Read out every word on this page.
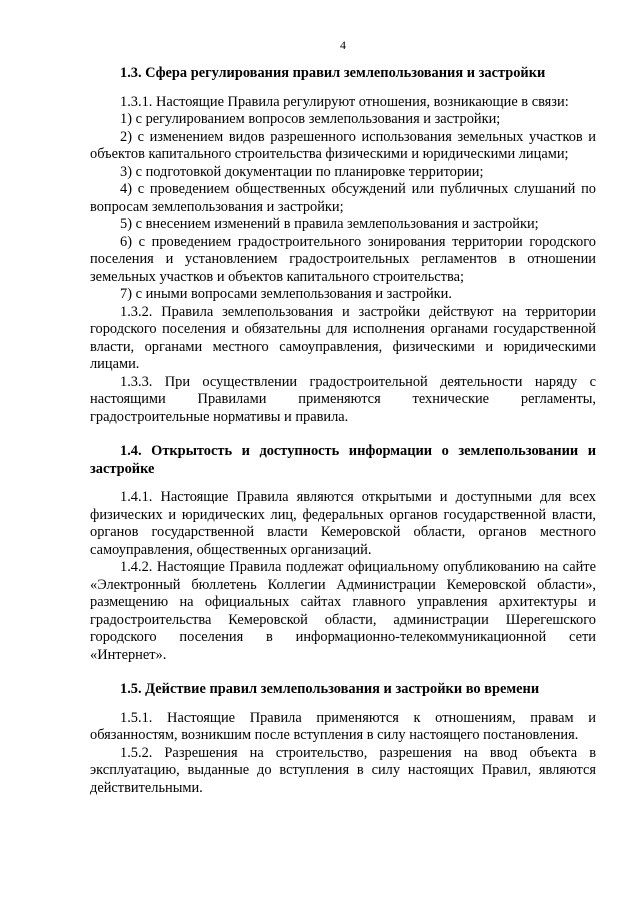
4

1.3. Сфера регулирования правил землепользования и застройки

1.3.1. Настоящие Правила регулируют отношения, возникающие в связи:

1) с регулированием вопросов землепользования и застройки;

2) с изменением видов разрешенного использования земельных участков и объектов капитального строительства физическими и юридическими лицами;

3) с подготовкой документации по планировке территории;

4) с проведением общественных обсуждений или публичных слушаний по вопросам землепользования и застройки;

5) с внесением изменений в правила землепользования и застройки;

6) с проведением градостроительного зонирования территории городского поселения и установлением градостроительных регламентов в отношении земельных участков и объектов капитального строительства;

7) с иными вопросами землепользования и застройки.

1.3.2. Правила землепользования и застройки действуют на территории городского поселения и обязательны для исполнения органами государственной власти, органами местного самоуправления, физическими и юридическими лицами.

1.3.3. При осуществлении градостроительной деятельности наряду с настоящими Правилами применяются технические регламенты, градостроительные нормативы и правила.

1.4. Открытость и доступность информации о землепользовании и застройке

1.4.1. Настоящие Правила являются открытыми и доступными для всех физических и юридических лиц, федеральных органов государственной власти, органов государственной власти Кемеровской области, органов местного самоуправления, общественных организаций.

1.4.2. Настоящие Правила подлежат официальному опубликованию на сайте «Электронный бюллетень Коллегии Администрации Кемеровской области», размещению на официальных сайтах главного управления архитектуры и градостроительства Кемеровской области, администрации Шерегешского городского поселения в информационно-телекоммуникационной сети «Интернет».

1.5. Действие правил землепользования и застройки во времени

1.5.1. Настоящие Правила применяются к отношениям, правам и обязанностям, возникшим после вступления в силу настоящего постановления.

1.5.2. Разрешения на строительство, разрешения на ввод объекта в эксплуатацию, выданные до вступления в силу настоящих Правил, являются действительными.
